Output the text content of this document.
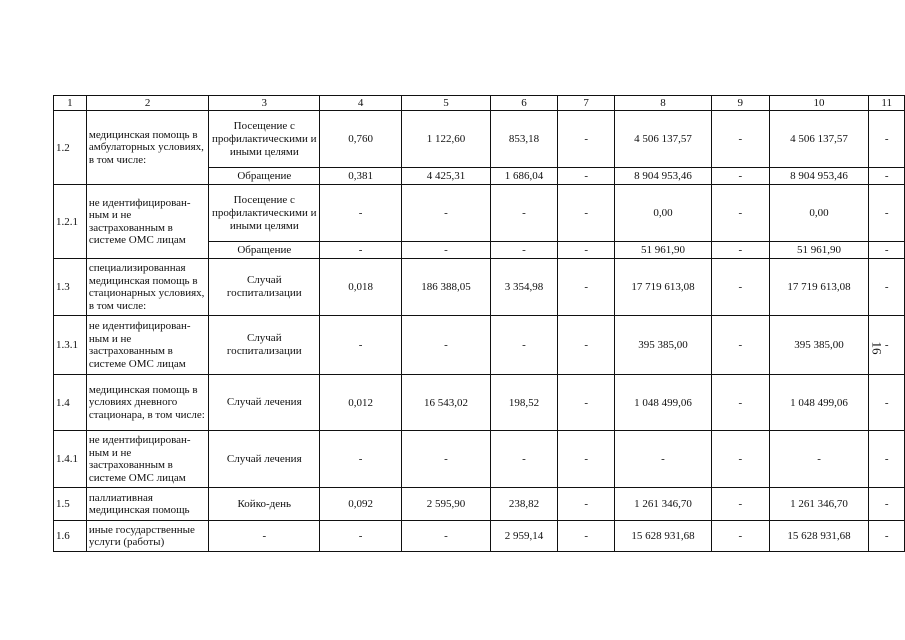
1	2	3	4	5	6	7	8	9	10	11
1.2	медицинская помощь в амбулаторных условиях, в том числе:	Посещение с профилактическими и иными целями	0,760	1 122,60	853,18	-	4 506 137,57	-	4 506 137,57	-
		Обращение	0,381	4 425,31	1 686,04	-	8 904 953,46	-	8 904 953,46	-
1.2.1	не идентифицирован-ным и не застрахованным в системе ОМС лицам	Посещение с профилактическими и иными целями	-	-	-	-	0,00	-	0,00	-
		Обращение	-	-	-	-	51 961,90	-	51 961,90	-
1.3	специализированная медицинская помощь в стационарных условиях, в том числе:	Случай госпитализации	0,018	186 388,05	3 354,98	-	17 719 613,08	-	17 719 613,08	-
1.3.1	не идентифицирован-ным и не застрахованным в системе ОМС лицам	Случай госпитализации	-	-	-	-	395 385,00	-	395 385,00	-
1.4	медицинская помощь в условиях дневного стационара, в том числе:	Случай лечения	0,012	16 543,02	198,52	-	1 048 499,06	-	1 048 499,06	-
1.4.1	не идентифицирован-ным и не застрахованным в системе ОМС лицам	Случай лечения	-	-	-	-	-	-	-	-
1.5	паллиативная медицинская помощь	Койко-день	0,092	2 595,90	238,82	-	1 261 346,70	-	1 261 346,70	-
1.6	иные государственные услуги (работы)	-	-	-	2 959,14	-	15 628 931,68	-	15 628 931,68	-
16
